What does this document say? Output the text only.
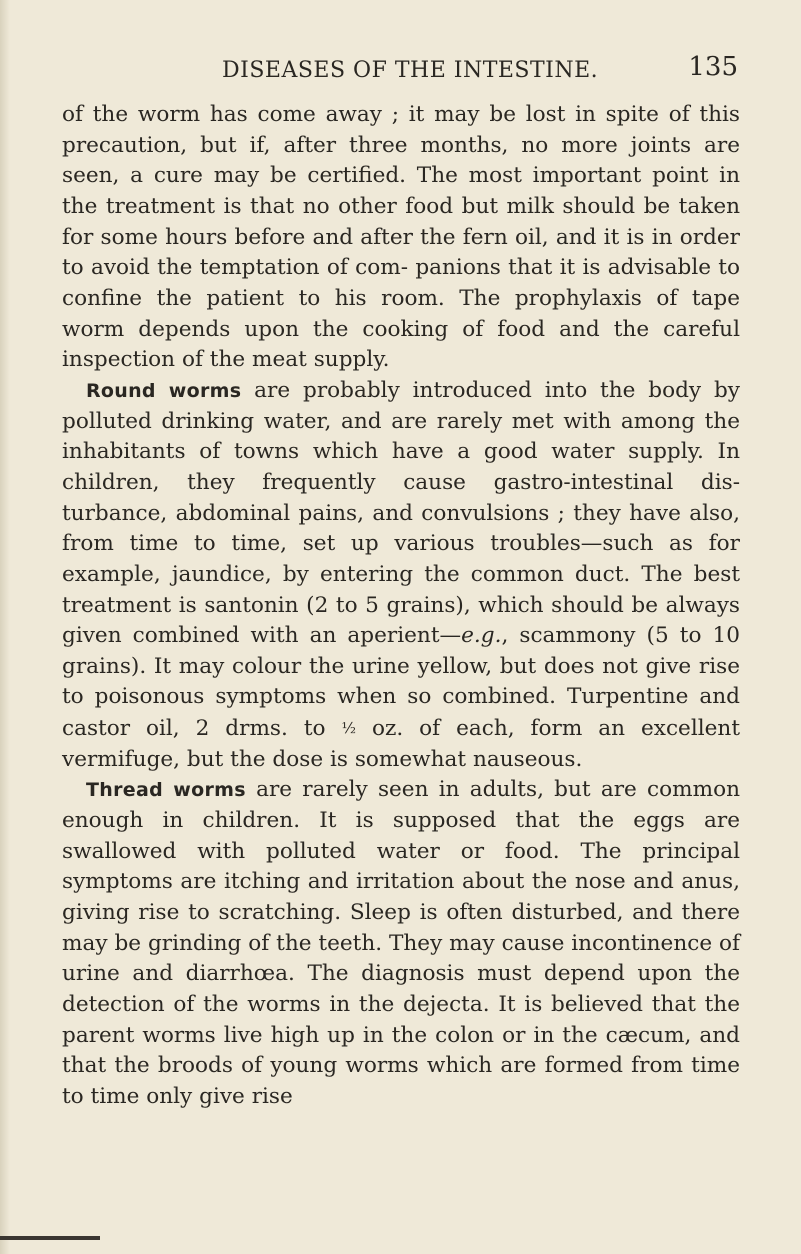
DISEASES OF THE INTESTINE.	135

of the worm has come away ; it may be lost in spite of this precaution, but if, after three months, no more joints are seen, a cure may be certified. The most important point in the treatment is that no other food but milk should be taken for some hours before and after the fern oil, and it is in order to avoid the temptation of com- panions that it is advisable to confine the patient to his room. The prophylaxis of tape worm depends upon the cooking of food and the careful inspection of the meat supply.

Round worms are probably introduced into the body by polluted drinking water, and are rarely met with among the inhabitants of towns which have a good water supply. In children, they frequently cause gastro-intestinal dis- turbance, abdominal pains, and convulsions ; they have also, from time to time, set up various troubles—such as for example, jaundice, by entering the common duct. The best treatment is santonin (2 to 5 grains), which should be always given combined with an aperient—e.g., scammony (5 to 10 grains). It may colour the urine yellow, but does not give rise to poisonous symptoms when so combined. Turpentine and castor oil, 2 drms. to ½ oz. of each, form an excellent vermifuge, but the dose is somewhat nauseous.

Thread worms are rarely seen in adults, but are common enough in children. It is supposed that the eggs are swallowed with polluted water or food. The principal symptoms are itching and irritation about the nose and anus, giving rise to scratching. Sleep is often disturbed, and there may be grinding of the teeth. They may cause incontinence of urine and diarrhœa. The diagnosis must depend upon the detection of the worms in the dejecta. It is believed that the parent worms live high up in the colon or in the cæcum, and that the broods of young worms which are formed from time to time only give rise
